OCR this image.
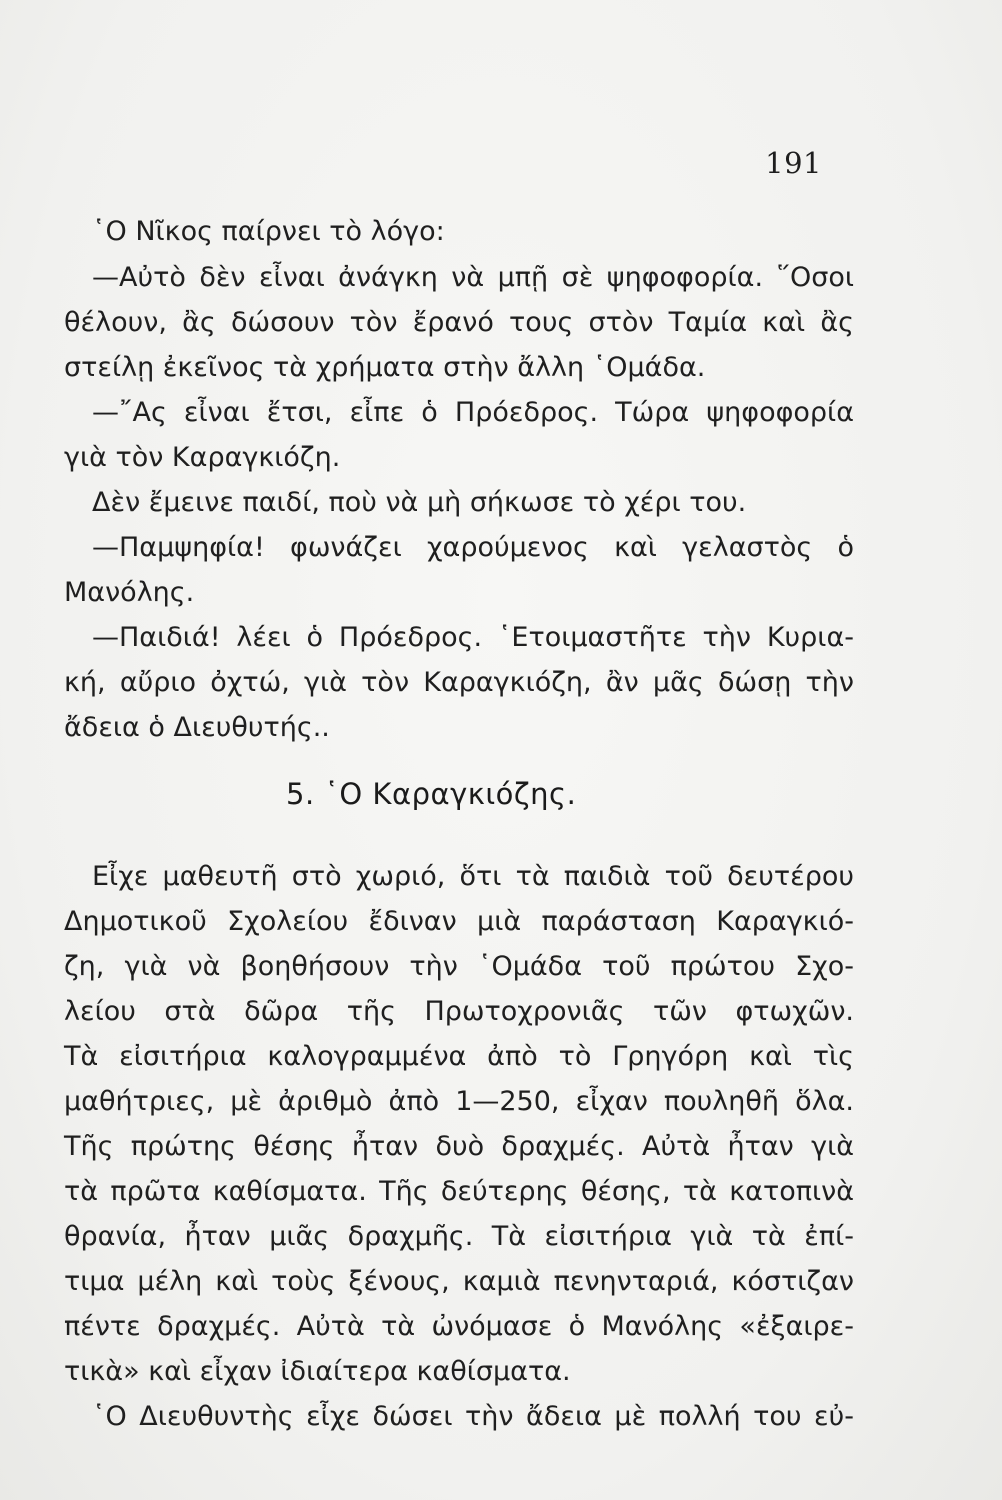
191
῾Ο Νῖκος παίρνει τὸ λόγο:
—Αὐτὸ δὲν εἶναι ἀνάγκη νὰ μπῇ σὲ ψηφοφορία. ῞Οσοι
θέλουν, ἂς δώσουν τὸν ἔρανό τους στὸν Ταμία καὶ ἂς
στείλῃ ἐκεῖνος τὰ χρήματα στὴν ἄλλη ῾Ομάδα.
—῎Ας εἶναι ἔτσι, εἶπε ὁ Πρόεδρος. Τώρα ψηφοφορία
γιὰ τὸν Καραγκιόζη.
Δὲν ἔμεινε παιδί, ποὺ νὰ μὴ σήκωσε τὸ χέρι του.
—Παμψηφία! φωνάζει χαρούμενος καὶ γελαστὸς ὁ
Μανόλης.
—Παιδιά! λέει ὁ Πρόεδρος. ῾Ετοιμαστῆτε τὴν Κυρια-
κή, αὔριο ὀχτώ, γιὰ τὸν Καραγκιόζη, ἂν μᾶς δώσῃ τὴν
ἄδεια ὁ Διευθυτής..
5. ῾Ο Καραγκιόζης.
Εἶχε μαθευτῆ στὸ χωριό, ὅτι τὰ παιδιὰ τοῦ δευτέρου
Δημοτικοῦ Σχολείου ἔδιναν μιὰ παράσταση Καραγκιό-
ζη, γιὰ νὰ βοηθήσουν τὴν ῾Ομάδα τοῦ πρώτου Σχο-
λείου στὰ δῶρα τῆς Πρωτοχρονιᾶς τῶν φτωχῶν.
Τὰ εἰσιτήρια καλογραμμένα ἀπὸ τὸ Γρηγόρη καὶ τὶς
μαθήτριες, μὲ ἀριθμὸ ἀπὸ 1—250, εἶχαν πουληθῆ ὅλα.
Τῆς πρώτης θέσης ἦταν δυὸ δραχμές. Αὐτὰ ἦταν γιὰ
τὰ πρῶτα καθίσματα. Τῆς δεύτερης θέσης, τὰ κατοπινὰ
θρανία, ἦταν μιᾶς δραχμῆς. Τὰ εἰσιτήρια γιὰ τὰ ἐπί-
τιμα μέλη καὶ τοὺς ξένους, καμιὰ πενηνταριά, κόστιζαν
πέντε δραχμές. Αὐτὰ τὰ ὠνόμασε ὁ Μανόλης «ἐξαιρε-
τικὰ» καὶ εἶχαν ἰδιαίτερα καθίσματα.
῾Ο Διευθυντὴς εἶχε δώσει τὴν ἄδεια μὲ πολλή του εὐ-
